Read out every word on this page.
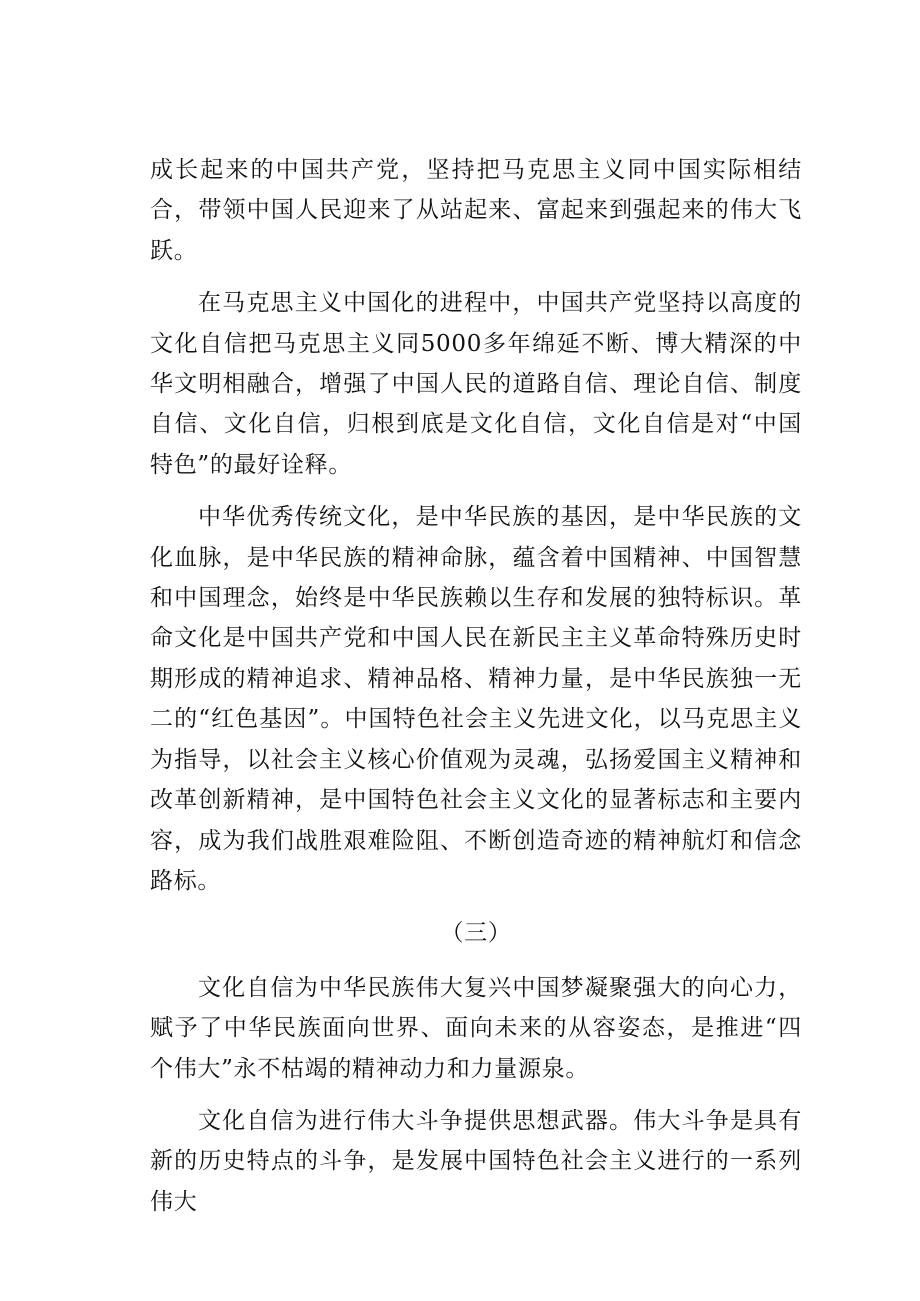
成长起来的中国共产党，坚持把马克思主义同中国实际相结合，带领中国人民迎来了从站起来、富起来到强起来的伟大飞跃。

在马克思主义中国化的进程中，中国共产党坚持以高度的文化自信把马克思主义同5000多年绵延不断、博大精深的中华文明相融合，增强了中国人民的道路自信、理论自信、制度自信、文化自信，归根到底是文化自信，文化自信是对“中国特色”的最好诠释。

中华优秀传统文化，是中华民族的基因，是中华民族的文化血脉，是中华民族的精神命脉，蕴含着中国精神、中国智慧和中国理念，始终是中华民族赖以生存和发展的独特标识。革命文化是中国共产党和中国人民在新民主主义革命特殊历史时期形成的精神追求、精神品格、精神力量，是中华民族独一无二的“红色基因”。中国特色社会主义先进文化，以马克思主义为指导，以社会主义核心价值观为灵魂，弘扬爱国主义精神和改革创新精神，是中国特色社会主义文化的显著标志和主要内容，成为我们战胜艰难险阻、不断创造奇迹的精神航灯和信念路标。

（三）

文化自信为中华民族伟大复兴中国梦凝聚强大的向心力，赋予了中华民族面向世界、面向未来的从容姿态，是推进“四个伟大”永不枯竭的精神动力和力量源泉。

文化自信为进行伟大斗争提供思想武器。伟大斗争是具有新的历史特点的斗争，是发展中国特色社会主义进行的一系列伟大
